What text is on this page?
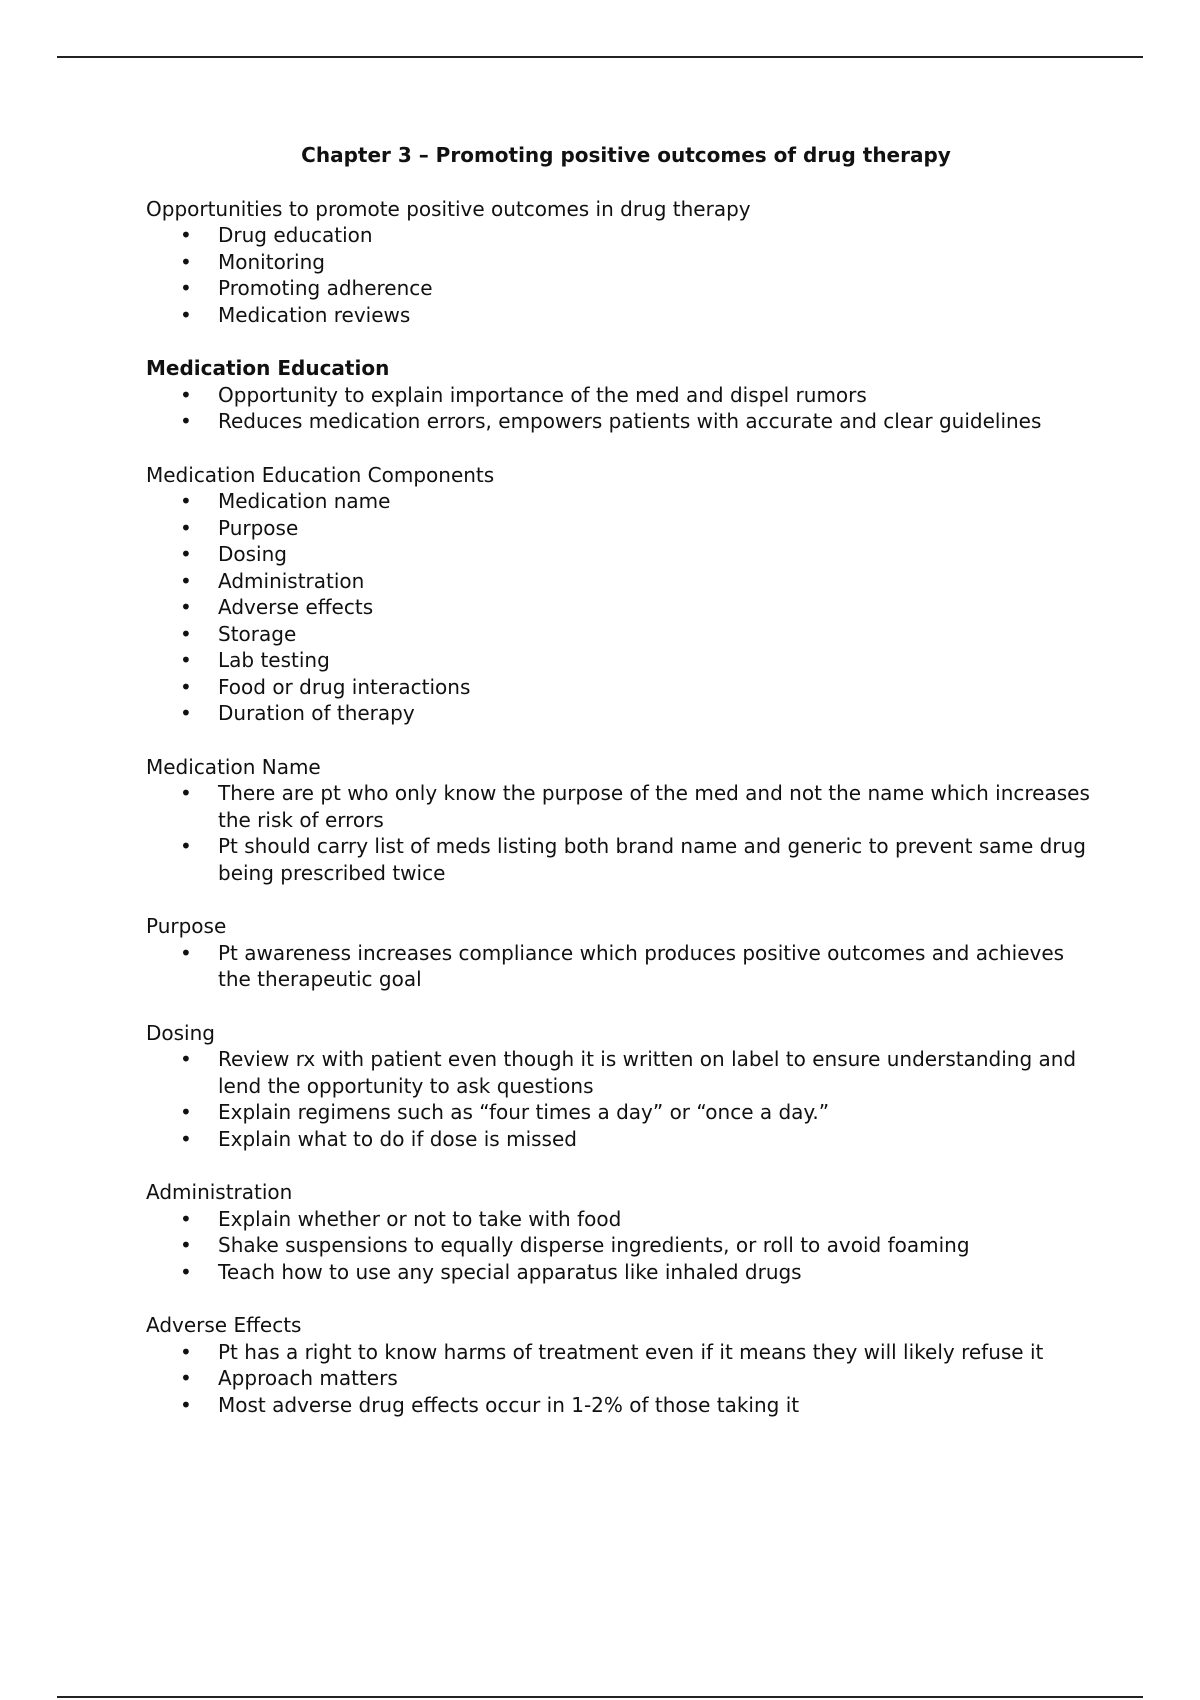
Chapter 3 – Promoting positive outcomes of drug therapy
Opportunities to promote positive outcomes in drug therapy
• Drug education
• Monitoring
• Promoting adherence
• Medication reviews
Medication Education
• Opportunity to explain importance of the med and dispel rumors
• Reduces medication errors, empowers patients with accurate and clear guidelines
Medication Education Components
• Medication name
• Purpose
• Dosing
• Administration
• Adverse effects
• Storage
• Lab testing
• Food or drug interactions
• Duration of therapy
Medication Name
• There are pt who only know the purpose of the med and not the name which increases the risk of errors
• Pt should carry list of meds listing both brand name and generic to prevent same drug being prescribed twice
Purpose
• Pt awareness increases compliance which produces positive outcomes and achieves the therapeutic goal
Dosing
• Review rx with patient even though it is written on label to ensure understanding and lend the opportunity to ask questions
• Explain regimens such as “four times a day” or “once a day.”
• Explain what to do if dose is missed
Administration
• Explain whether or not to take with food
• Shake suspensions to equally disperse ingredients, or roll to avoid foaming
• Teach how to use any special apparatus like inhaled drugs
Adverse Effects
• Pt has a right to know harms of treatment even if it means they will likely refuse it
• Approach matters
• Most adverse drug effects occur in 1-2% of those taking it
